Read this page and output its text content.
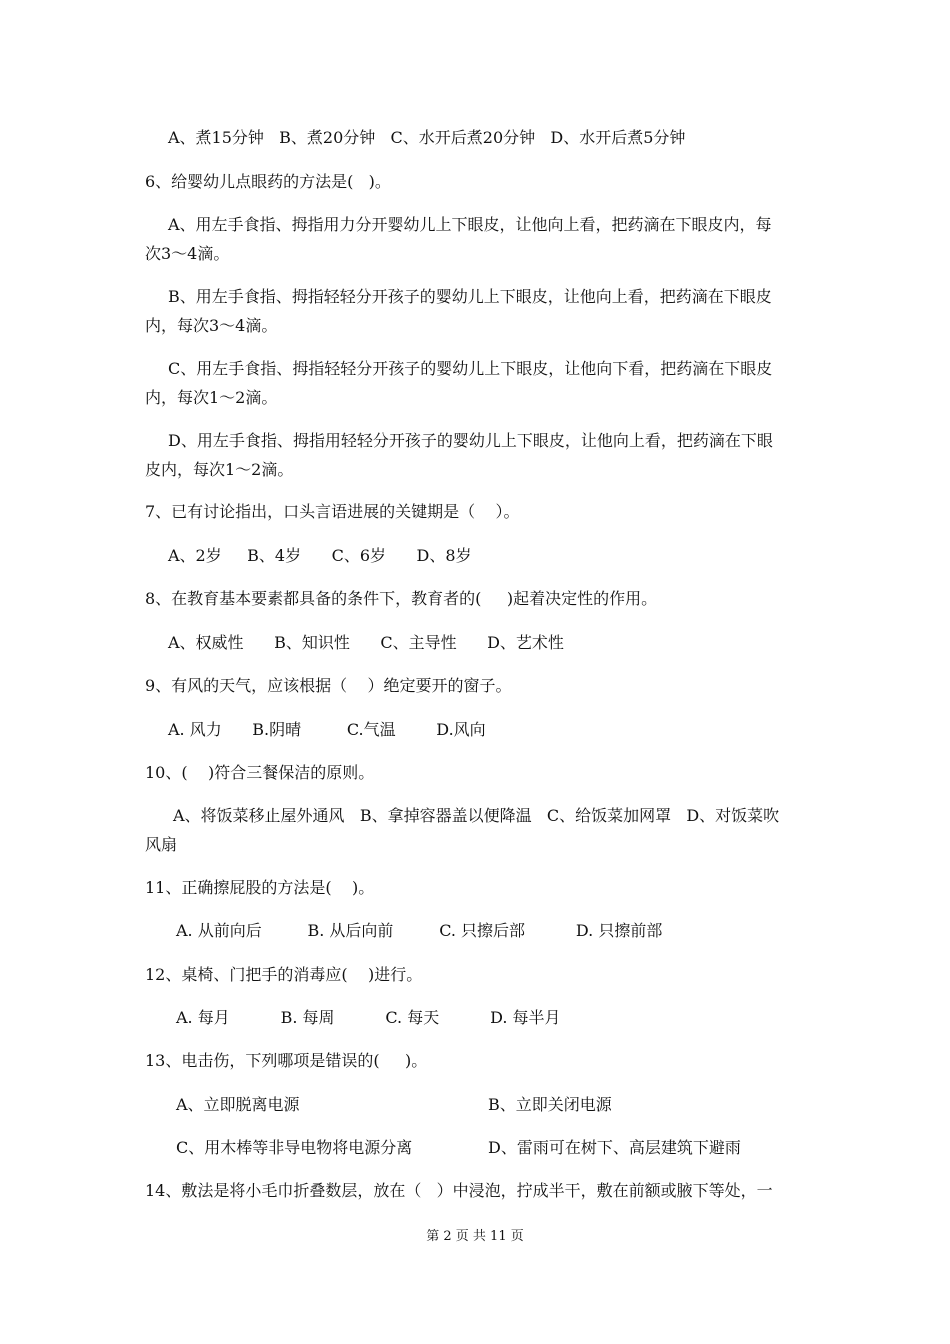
A、煮15分钟   B、煮20分钟   C、水开后煮20分钟   D、水开后煮5分钟
6、给婴幼儿点眼药的方法是(   )。
A、用左手食指、拇指用力分开婴幼儿上下眼皮，让他向上看，把药滴在下眼皮内，每
次3～4滴。
B、用左手食指、拇指轻轻分开孩子的婴幼儿上下眼皮，让他向上看，把药滴在下眼皮
内，每次3～4滴。
C、用左手食指、拇指轻轻分开孩子的婴幼儿上下眼皮，让他向下看，把药滴在下眼皮
内，每次1～2滴。
D、用左手食指、拇指用轻轻分开孩子的婴幼儿上下眼皮，让他向上看，把药滴在下眼
皮内，每次1～2滴。
7、已有讨论指出，口头言语进展的关键期是（    ）。
A、2岁     B、4岁      C、6岁      D、8岁
8、在教育基本要素都具备的条件下，教育者的(     )起着决定性的作用。
A、权威性      B、知识性      C、主导性      D、艺术性
9、有风的天气，应该根据（    ）绝定要开的窗子。
A. 风力      B.阴晴         C.气温        D.风向
10、(    )符合三餐保洁的原则。
A、将饭菜移止屋外通风   B、拿掉容器盖以便降温   C、给饭菜加网罩   D、对饭菜吹
风扇
11、正确擦屁股的方法是(    )。
A. 从前向后         B. 从后向前         C. 只擦后部          D. 只擦前部
12、桌椅、门把手的消毒应(    )进行。
A. 每月          B. 每周          C. 每天          D. 每半月
13、电击伤，下列哪项是错误的(     )。
A、立即脱离电源	B、立即关闭电源
C、用木棒等非导电物将电源分离	D、雷雨可在树下、高层建筑下避雨
14、敷法是将小毛巾折叠数层，放在（   ）中浸泡，拧成半干，敷在前额或腋下等处，一
第 2 页 共 11 页
